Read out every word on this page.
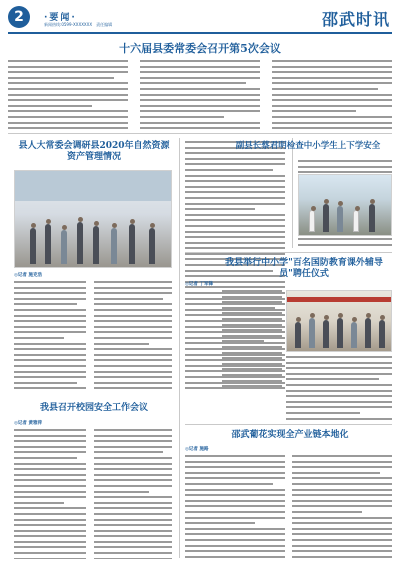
2	·要闻·
新闻热线:0599-XXXXXXX　责任编辑	邵武时讯
十六届县委常委会召开第5次会议
县人大常委会调研县2020年自然资源资产管理情况
◎记者 施克浩
我县召开校园安全工作会议
◎记者 黄雅萍
副县长蔡君明检查中小学生上下学安全
我县举行中小学"百名国防教育课外辅导员"聘任仪式
◎记者 丁军锋
邵武葡花实现全产业链本地化
◎记者 施路
